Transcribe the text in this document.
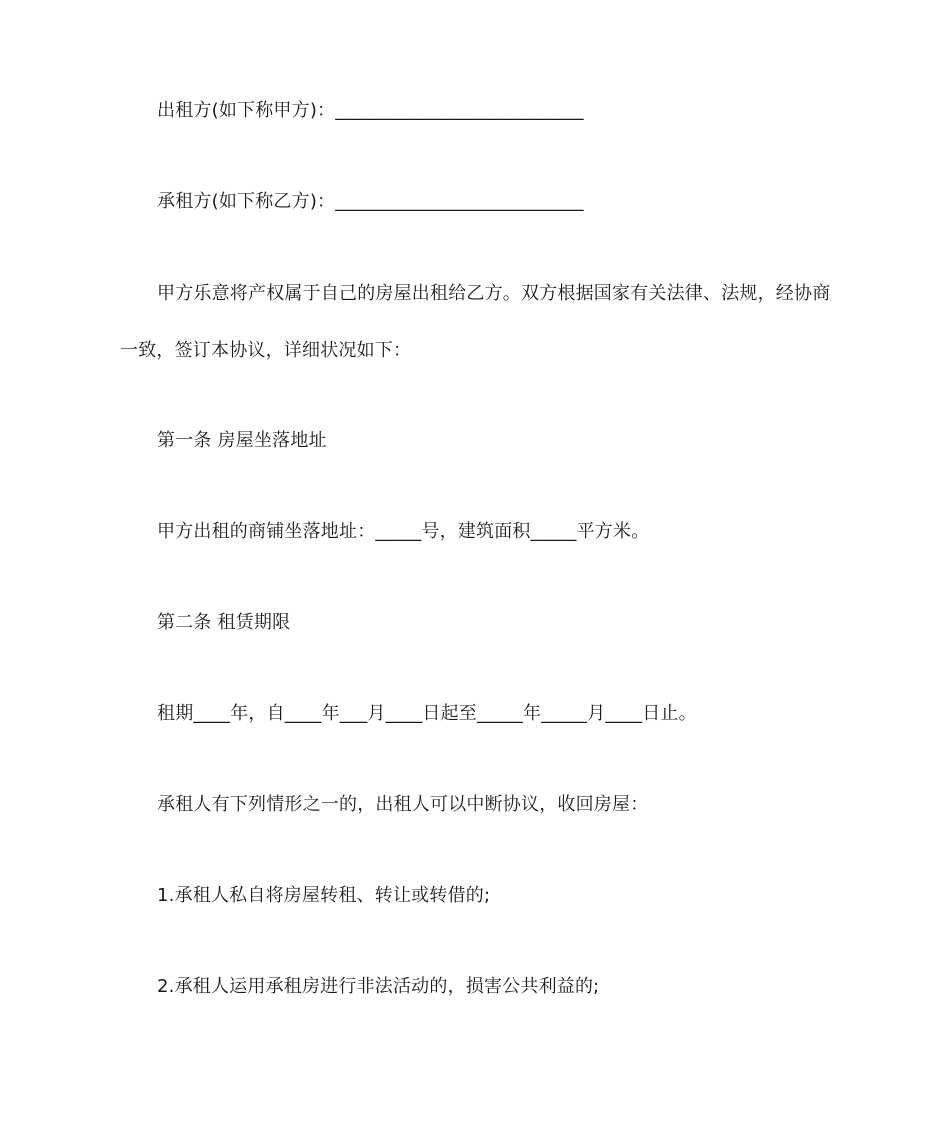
出租方(如下称甲方)：___________________________
承租方(如下称乙方)：___________________________
甲方乐意将产权属于自己的房屋出租给乙方。双方根据国家有关法律、法规，经协商
一致，签订本协议，详细状况如下：
第一条 房屋坐落地址
甲方出租的商铺坐落地址：_____号，建筑面积_____平方米。
第二条 租赁期限
租期____年，自____年___月____日起至_____年_____月____日止。
承租人有下列情形之一的，出租人可以中断协议，收回房屋：
1.承租人私自将房屋转租、转让或转借的;
2.承租人运用承租房进行非法活动的，损害公共利益的;
